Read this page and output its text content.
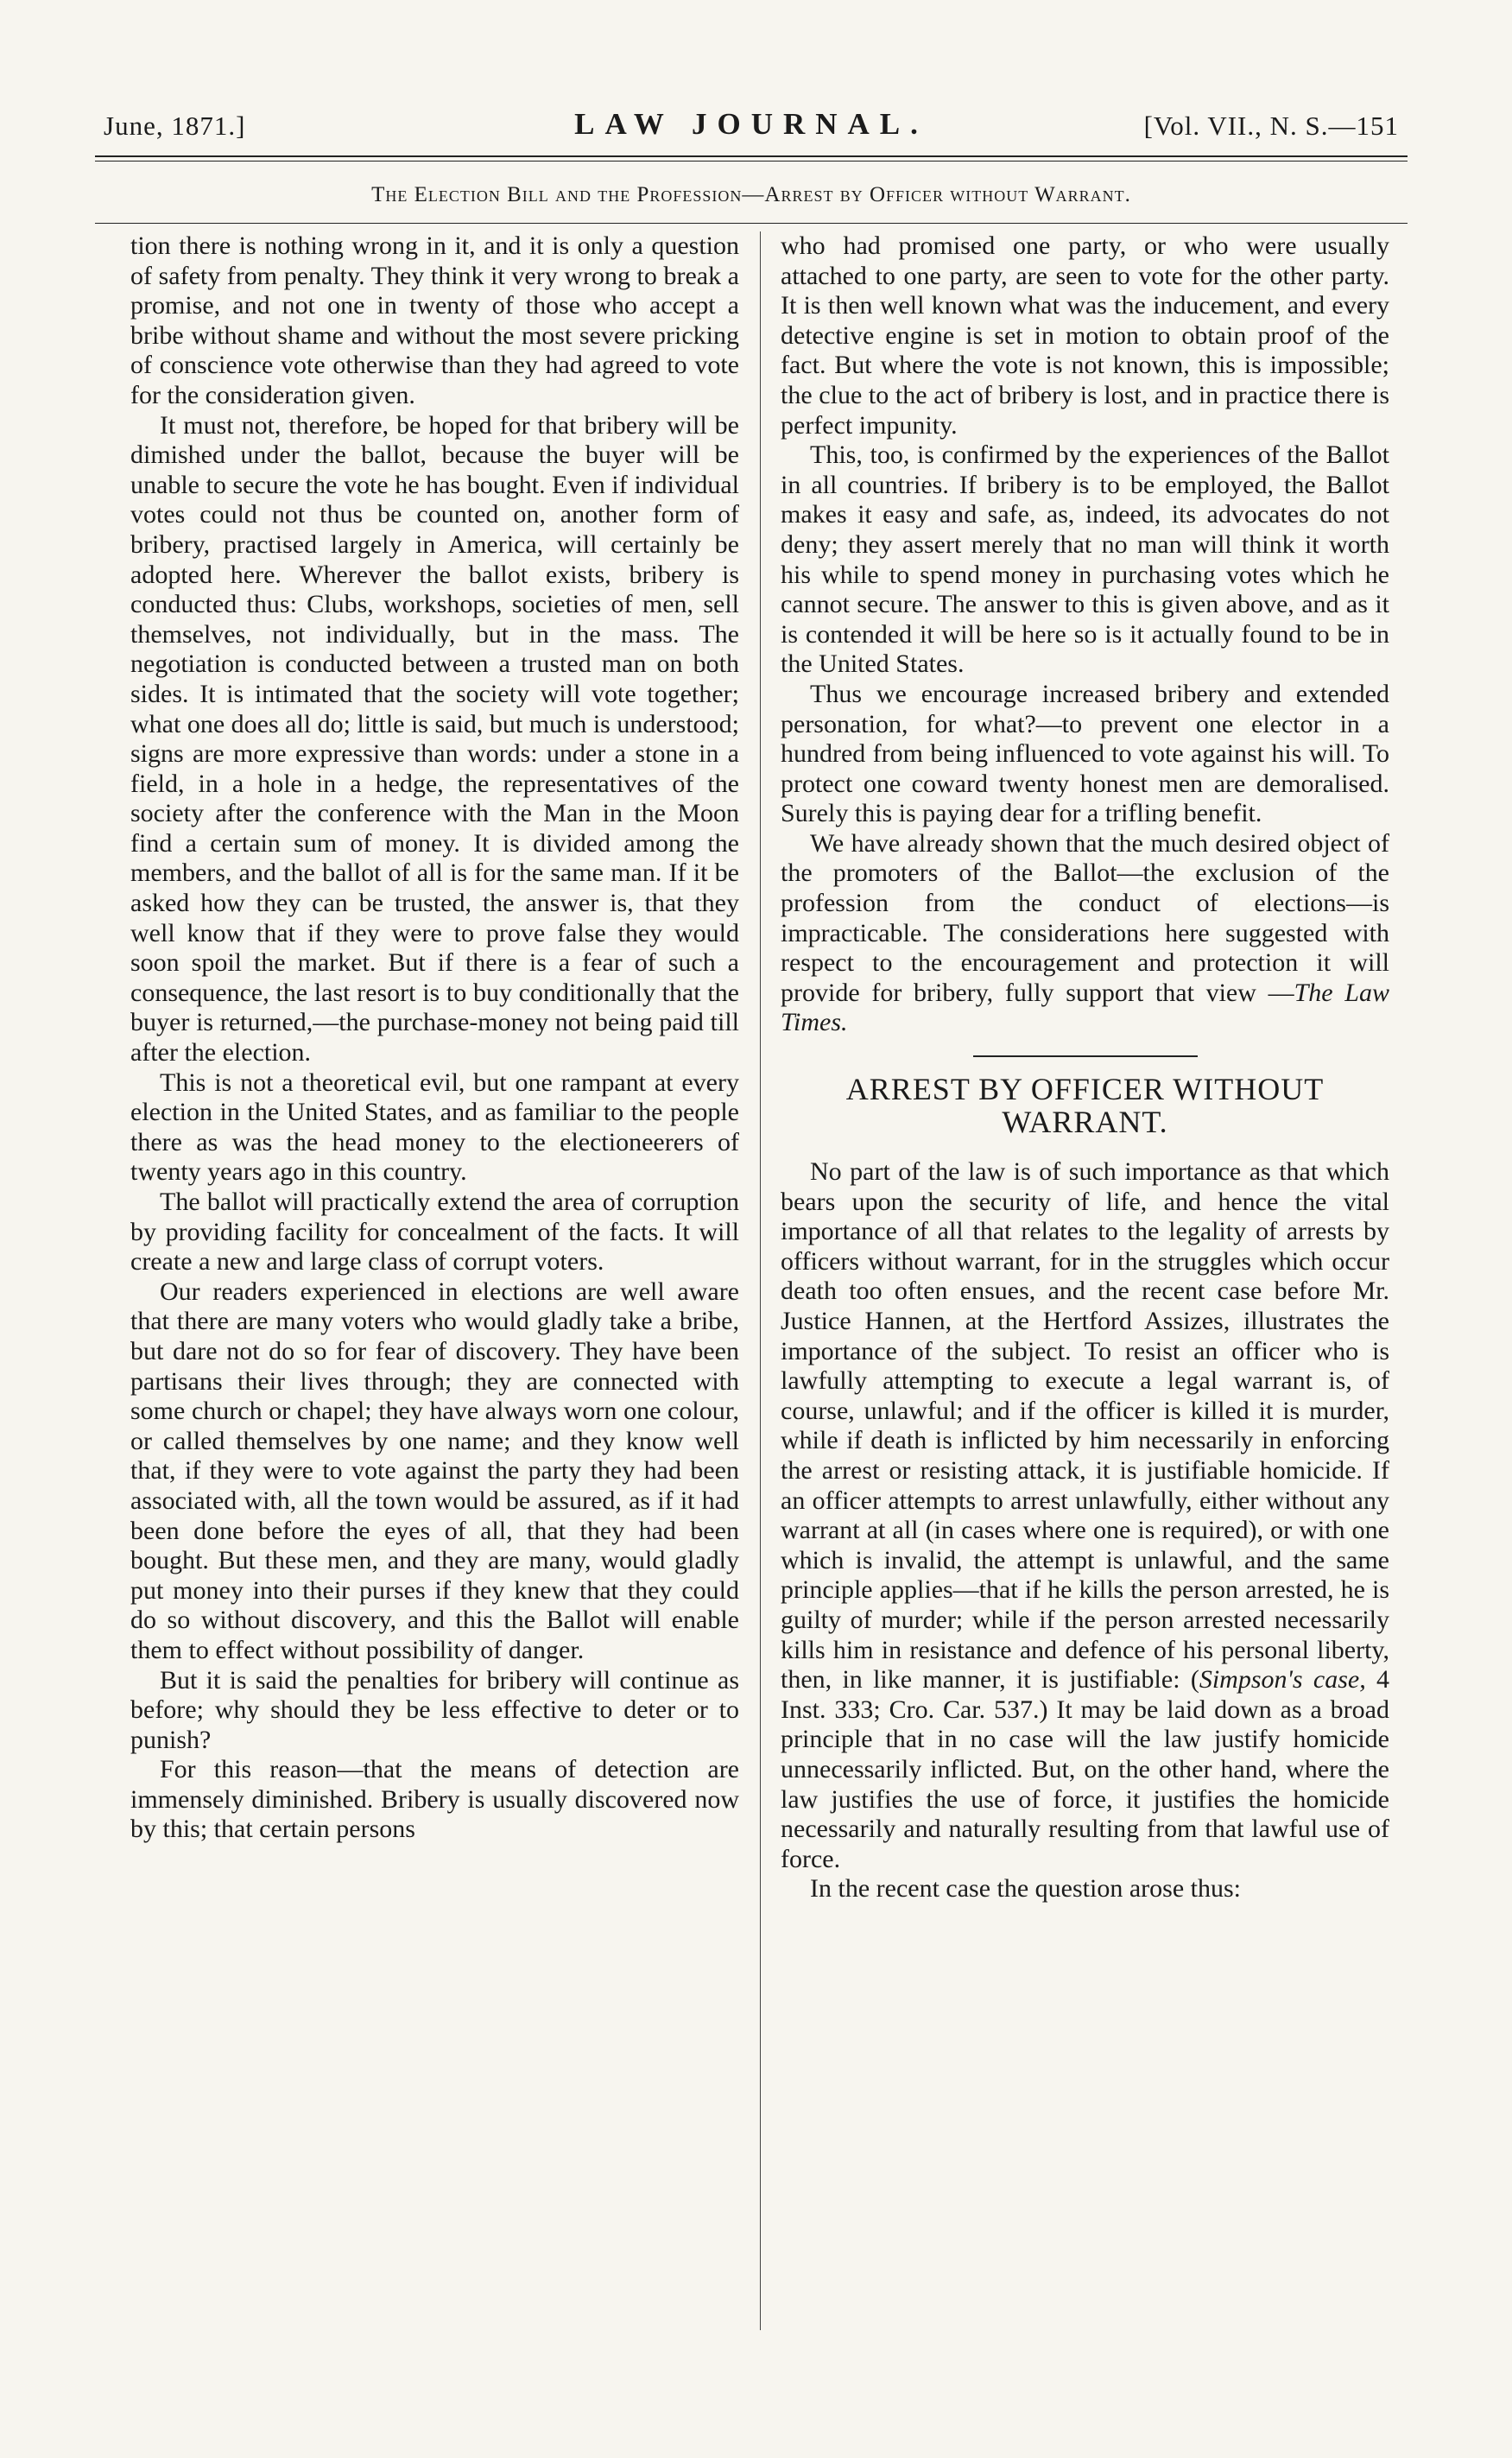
June, 1871.]	LAW JOURNAL.	[Vol. VII., N. S.—151
The Election Bill and the Profession—Arrest by Officer without Warrant.

tion there is nothing wrong in it, and it is only a question of safety from penalty. They think it very wrong to break a promise, and not one in twenty of those who accept a bribe without shame and without the most severe pricking of conscience vote otherwise than they had agreed to vote for the consideration given.

It must not, therefore, be hoped for that bribery will be dimished under the ballot, because the buyer will be unable to secure the vote he has bought. Even if individual votes could not thus be counted on, another form of bribery, practised largely in America, will certainly be adopted here. Wherever the ballot exists, bribery is conducted thus: Clubs, workshops, societies of men, sell themselves, not individually, but in the mass. The negotiation is conducted between a trusted man on both sides. It is intimated that the society will vote together; what one does all do; little is said, but much is understood; signs are more expressive than words: under a stone in a field, in a hole in a hedge, the representatives of the society after the conference with the Man in the Moon find a certain sum of money. It is divided among the members, and the ballot of all is for the same man. If it be asked how they can be trusted, the answer is, that they well know that if they were to prove false they would soon spoil the market. But if there is a fear of such a consequence, the last resort is to buy conditionally that the buyer is returned,—the purchase-money not being paid till after the election.

This is not a theoretical evil, but one rampant at every election in the United States, and as familiar to the people there as was the head money to the electioneerers of twenty years ago in this country.

The ballot will practically extend the area of corruption by providing facility for concealment of the facts. It will create a new and large class of corrupt voters.

Our readers experienced in elections are well aware that there are many voters who would gladly take a bribe, but dare not do so for fear of discovery. They have been partisans their lives through; they are connected with some church or chapel; they have always worn one colour, or called themselves by one name; and they know well that, if they were to vote against the party they had been associated with, all the town would be assured, as if it had been done before the eyes of all, that they had been bought. But these men, and they are many, would gladly put money into their purses if they knew that they could do so without discovery, and this the Ballot will enable them to effect without possibility of danger.

But it is said the penalties for bribery will continue as before; why should they be less effective to deter or to punish?

For this reason—that the means of detection are immensely diminished. Bribery is usually discovered now by this; that certain persons

who had promised one party, or who were usually attached to one party, are seen to vote for the other party. It is then well known what was the inducement, and every detective engine is set in motion to obtain proof of the fact. But where the vote is not known, this is impossible; the clue to the act of bribery is lost, and in practice there is perfect impunity.

This, too, is confirmed by the experiences of the Ballot in all countries. If bribery is to be employed, the Ballot makes it easy and safe, as, indeed, its advocates do not deny; they assert merely that no man will think it worth his while to spend money in purchasing votes which he cannot secure. The answer to this is given above, and as it is contended it will be here so is it actually found to be in the United States.

Thus we encourage increased bribery and extended personation, for what?—to prevent one elector in a hundred from being influenced to vote against his will. To protect one coward twenty honest men are demoralised. Surely this is paying dear for a trifling benefit.

We have already shown that the much desired object of the promoters of the Ballot—the exclusion of the profession from the conduct of elections—is impracticable. The considerations here suggested with respect to the encouragement and protection it will provide for bribery, fully support that view —The Law Times.

ARREST BY OFFICER WITHOUT
WARRANT.

No part of the law is of such importance as that which bears upon the security of life, and hence the vital importance of all that relates to the legality of arrests by officers without warrant, for in the struggles which occur death too often ensues, and the recent case before Mr. Justice Hannen, at the Hertford Assizes, illustrates the importance of the subject. To resist an officer who is lawfully attempting to execute a legal warrant is, of course, unlawful; and if the officer is killed it is murder, while if death is inflicted by him necessarily in enforcing the arrest or resisting attack, it is justifiable homicide. If an officer attempts to arrest unlawfully, either without any warrant at all (in cases where one is required), or with one which is invalid, the attempt is unlawful, and the same principle applies—that if he kills the person arrested, he is guilty of murder; while if the person arrested necessarily kills him in resistance and defence of his personal liberty, then, in like manner, it is justifiable: (Simpson's case, 4 Inst. 333; Cro. Car. 537.) It may be laid down as a broad principle that in no case will the law justify homicide unnecessarily inflicted. But, on the other hand, where the law justifies the use of force, it justifies the homicide necessarily and naturally resulting from that lawful use of force.

In the recent case the question arose thus:
